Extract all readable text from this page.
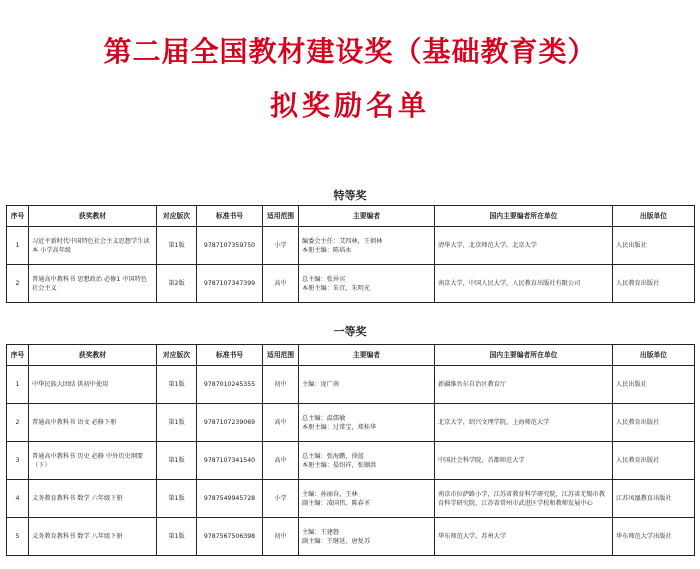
第二届全国教材建设奖（基础教育类）
拟奖励名单
特等奖
序号	获奖教材	对应版次	标准书号	适用范围	主要编者	国内主要编者所在单位	出版单位
1	习近平新时代中国特色社会主义思想学生读本 小学高年级	第1版	9787107359750	小学	编委会主任：艾四林，王炳林
本册主编：陈培永	清华大学，北京师范大学，北京大学	人民出版社
2	普通高中教科书 思想政治 必修1 中国特色社会主义	第2版	9787107347399	高中	总主编：张异宾
本册主编：朱宜，朱明光	南京大学，中国人民大学，人民教育出版社有限公司	人民教育出版社
一等奖
序号	获奖教材	对应版次	标准书号	适用范围	主要编者	国内主要编者所在单位	出版单位
1	中华民族大团结 供初中使用	第1版	9787010245355	初中	主编：庞广南	新疆维吾尔自治区教育厅	人民出版社
2	普通高中教科书 语文 必修下册	第1版	9787107239069	高中	总主编：温儒敏
本册主编：过常宝，郑桂华	北京大学，绍兴文理学院，上海师范大学	人民教育出版社
3	普通高中教科书 历史 必修 中外历史纲要（下）	第1版	9787107341540	高中	总主编：张海鹏，徐蓝
本册主编：晏绍祥，张顺洪	中国社会科学院，首都师范大学	人民教育出版社
4	义务教育教科书 数学 六年级下册	第1版	9787549945728	小学	主编：孙丽谷，王林
副主编：凌国伟，陈春圣	南京市拉萨路小学，江苏省教育科学研究院，江苏省无锡市教育科学研究院，江苏省常州市武进区学校和教师发展中心	江苏凤凰教育出版社
5	义务教育教科书 数学 八年级下册	第1版	9787567506398	初中	主编：王建磐
副主编：王继延，唐复苏	华东师范大学，苏州大学	华东师范大学出版社
